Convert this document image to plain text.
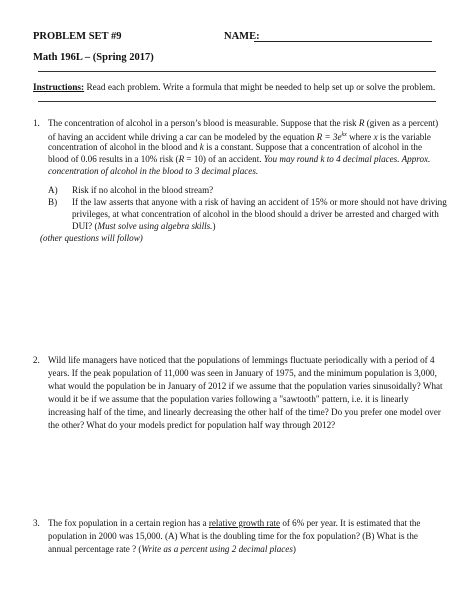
PROBLEM SET #9	NAME:
Math 196L – (Spring 2017)
Instructions: Read each problem. Write a formula that might be needed to help set up or solve the problem.
1. The concentration of alcohol in a person’s blood is measurable. Suppose that the risk R (given as a percent)
of having an accident while driving a car can be modeled by the equation $R = 3e^{kx}$ where x is the variable
concentration of alcohol in the blood and k is a constant. Suppose that a concentration of alcohol in the
blood of 0.06 results in a 10% risk (R = 10) of an accident. You may round k to 4 decimal places. Approx.
concentration of alcohol in the blood to 3 decimal places.
A) Risk if no alcohol in the blood stream?
B) If the law asserts that anyone with a risk of having an accident of 15% or more should not have driving
privileges, at what concentration of alcohol in the blood should a driver be arrested and charged with
DUI? (Must solve using algebra skills.)
(other questions will follow)
2. Wild life managers have noticed that the populations of lemmings fluctuate periodically with a period of 4
years. If the peak population of 11,000 was seen in January of 1975, and the minimum population is 3,000,
what would the population be in January of 2012 if we assume that the population varies sinusoidally? What
would it be if we assume that the population varies following a "sawtooth" pattern, i.e. it is linearly
increasing half of the time, and linearly decreasing the other half of the time? Do you prefer one model over
the other? What do your models predict for population half way through 2012?
3. The fox population in a certain region has a relative growth rate of 6% per year. It is estimated that the
population in 2000 was 15,000. (A) What is the doubling time for the fox population? (B) What is the
annual percentage rate ? (Write as a percent using 2 decimal places)
